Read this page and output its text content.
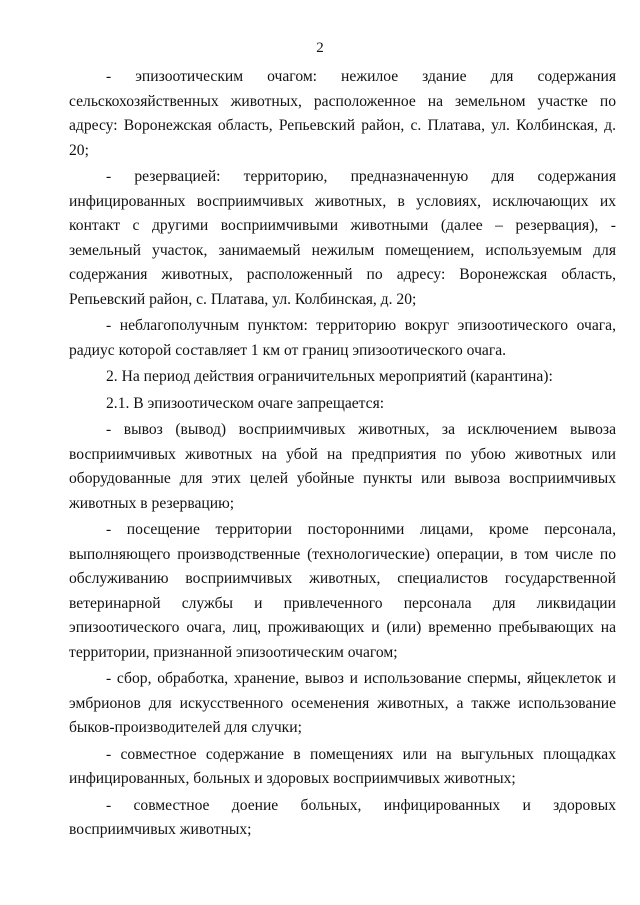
2

- эпизоотическим очагом: нежилое здание для содержания сельскохозяйственных животных, расположенное на земельном участке по адресу: Воронежская область, Репьевский район, с. Платава, ул. Колбинская, д. 20;

- резервацией: территорию, предназначенную для содержания инфицированных восприимчивых животных, в условиях, исключающих их контакт с другими восприимчивыми животными (далее – резервация), - земельный участок, занимаемый нежилым помещением, используемым для содержания животных, расположенный по адресу: Воронежская область, Репьевский район, с. Платава, ул. Колбинская, д. 20;

- неблагополучным пунктом: территорию вокруг эпизоотического очага, радиус которой составляет 1 км от границ эпизоотического очага.

2. На период действия ограничительных мероприятий (карантина):

2.1. В эпизоотическом очаге запрещается:

- вывоз (вывод) восприимчивых животных, за исключением вывоза восприимчивых животных на убой на предприятия по убою животных или оборудованные для этих целей убойные пункты или вывоза восприимчивых животных в резервацию;

- посещение территории посторонними лицами, кроме персонала, выполняющего производственные (технологические) операции, в том числе по обслуживанию восприимчивых животных, специалистов государственной ветеринарной службы и привлеченного персонала для ликвидации эпизоотического очага, лиц, проживающих и (или) временно пребывающих на территории, признанной эпизоотическим очагом;

- сбор, обработка, хранение, вывоз и использование спермы, яйцеклеток и эмбрионов для искусственного осеменения животных, а также использование быков-производителей для случки;

- совместное содержание в помещениях или на выгульных площадках инфицированных, больных и здоровых восприимчивых животных;

- совместное доение больных, инфицированных и здоровых восприимчивых животных;
